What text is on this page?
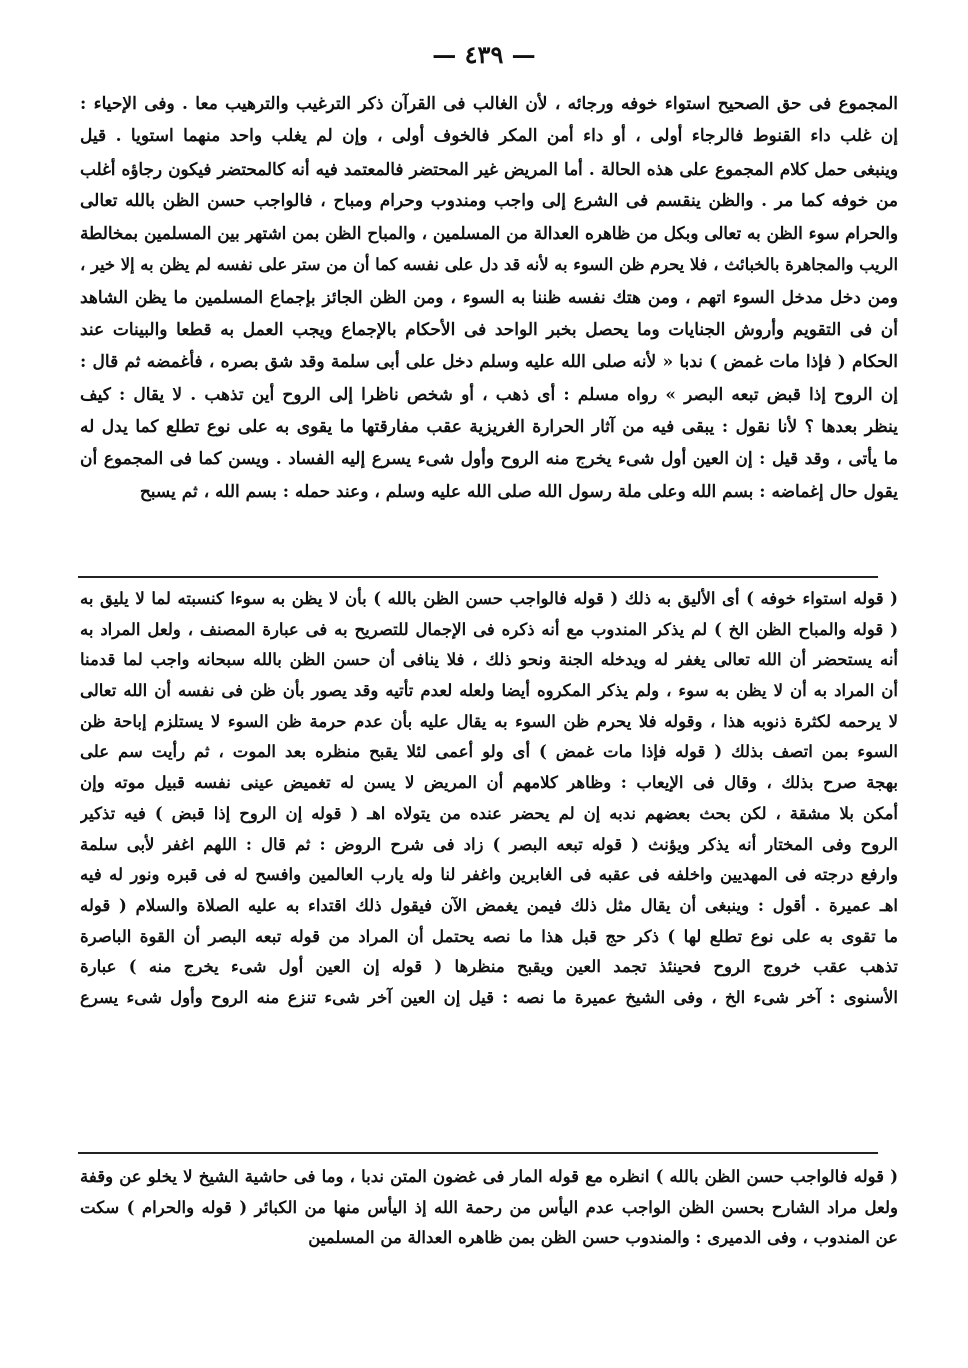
— ٤٣٩ —
المجموع فى حق الصحيح استواء خوفه ورجائه ، لأن الغالب فى القرآن ذكر الترغيب والترهيب معا . وفى الإحياء :
إن غلب داء القنوط فالرجاء أولى ، أو داء أمن المكر فالخوف أولى ، وإن لم يغلب واحد منهما استويا . قيل
وينبغى حمل كلام المجموع على هذه الحالة . أما المريض غير المحتضر فالمعتمد فيه أنه كالمحتضر فيكون رجاؤه أغلب
من خوفه كما مر . والظن ينقسم فى الشرع إلى واجب ومندوب وحرام ومباح ، فالواجب حسن الظن بالله تعالى
والحرام سوء الظن به تعالى وبكل من ظاهره العدالة من المسلمين ، والمباح الظن بمن اشتهر بين المسلمين بمخالطة
الريب والمجاهرة بالخبائث ، فلا يحرم ظن السوء به لأنه قد دل على نفسه كما أن من ستر على نفسه لم يظن به إلا خير ،
ومن دخل مدخل السوء اتهم ، ومن هتك نفسه ظننا به السوء ، ومن الظن الجائز بإجماع المسلمين ما يظن الشاهد
أن فى التقويم وأروش الجنايات وما يحصل بخبر الواحد فى الأحكام بالإجماع ويجب العمل به قطعا والبينات عند
الحكام ( فإذا مات غمض ) ندبا « لأنه صلى الله عليه وسلم دخل على أبى سلمة وقد شق بصره ، فأغمضه ثم قال :
إن الروح إذا قبض تبعه البصر » رواه مسلم : أى ذهب ، أو شخص ناظرا إلى الروح أين تذهب . لا يقال : كيف
ينظر بعدها ؟ لأنا نقول : يبقى فيه من آثار الحرارة الغريزية عقب مفارقتها ما يقوى به على نوع تطلع كما يدل له
ما يأتى ، وقد قيل : إن العين أول شىء يخرج منه الروح وأول شىء يسرع إليه الفساد . ويسن كما فى المجموع أن
يقول حال إغماضه : بسم الله وعلى ملة رسول الله صلى الله عليه وسلم ، وعند حمله : بسم الله ، ثم يسبح
( قوله استواء خوفه ) أى الأليق به ذلك ( قوله فالواجب حسن الظن بالله ) بأن لا يظن به سوءا كنسبته لما لا يليق به
( قوله والمباح الظن الخ ) لم يذكر المندوب مع أنه ذكره فى الإجمال للتصريح به فى عبارة المصنف ، ولعل المراد به
أنه يستحضر أن الله تعالى يغفر له ويدخله الجنة ونحو ذلك ، فلا ينافى أن حسن الظن بالله سبحانه واجب لما قدمنا
أن المراد به أن لا يظن به سوء ، ولم يذكر المكروه أيضا ولعله لعدم تأتيه وقد يصور بأن ظن فى نفسه أن الله تعالى
لا يرحمه لكثرة ذنوبه هذا ، وقوله فلا يحرم ظن السوء به يقال عليه بأن عدم حرمة ظن السوء لا يستلزم إباحة ظن
السوء بمن اتصف بذلك ( قوله فإذا مات غمض ) أى ولو أعمى لئلا يقبح منظره بعد الموت ، ثم رأيت سم على
بهجة صرح بذلك ، وقال فى الإيعاب : وظاهر كلامهم أن المريض لا يسن له تغميض عينى نفسه قبيل موته وإن
أمكن بلا مشقة ، لكن بحث بعضهم ندبه إن لم يحضر عنده من يتولاه اهـ ( قوله إن الروح إذا قبض ) فيه تذكير
الروح وفى المختار أنه يذكر ويؤنث ( قوله تبعه البصر ) زاد فى شرح الروض : ثم قال : اللهم اغفر لأبى سلمة
وارفع درجته فى المهديين واخلفه فى عقبه فى الغابرين واغفر لنا وله يارب العالمين وافسح له فى قبره ونور له فيه
اهـ عميرة . أقول : وينبغى أن يقال مثل ذلك فيمن يغمض الآن فيقول ذلك اقتداء به عليه الصلاة والسلام ( قوله
ما تقوى به على نوع تطلع لها ) ذكر حج قبل هذا ما نصه يحتمل أن المراد من قوله تبعه البصر أن القوة الباصرة
تذهب عقب خروج الروح فحينئذ تجمد العين ويقبح منظرها ( قوله إن العين أول شىء يخرج منه ) عبارة
الأسنوى : آخر شىء الخ ، وفى الشيخ عميرة ما نصه : قيل إن العين آخر شىء تنزع منه الروح وأول شىء يسرع
( قوله فالواجب حسن الظن بالله ) انظره مع قوله المار فى غضون المتن ندبا ، وما فى حاشية الشيخ لا يخلو عن وقفة
ولعل مراد الشارح بحسن الظن الواجب عدم اليأس من رحمة الله إذ اليأس منها من الكبائر ( قوله والحرام ) سكت
عن المندوب ، وفى الدميرى : والمندوب حسن الظن بمن ظاهره العدالة من المسلمين
